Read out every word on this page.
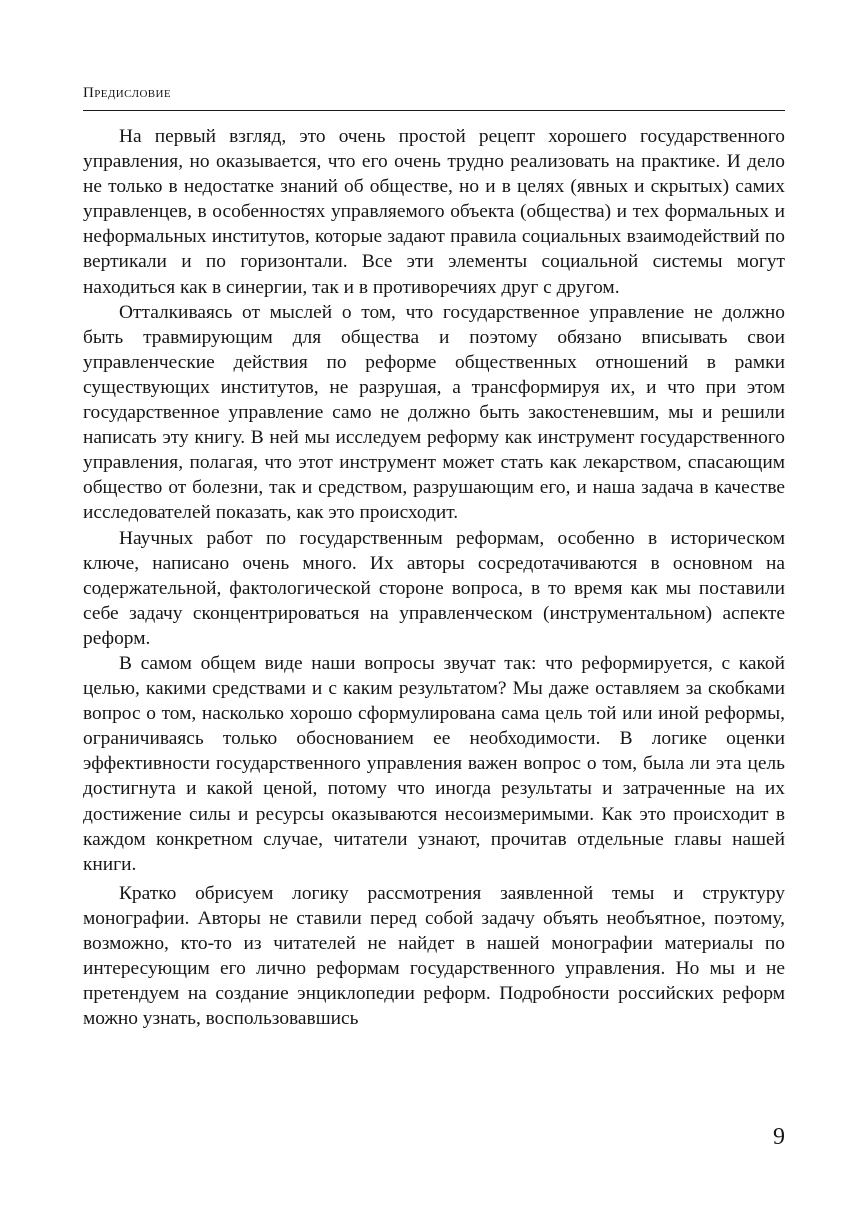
Предисловие

На первый взгляд, это очень простой рецепт хорошего государственного управления, но оказывается, что его очень трудно реализовать на практике. И дело не только в недостатке знаний об обществе, но и в целях (явных и скрытых) самих управленцев, в особенностях управляемого объекта (общества) и тех формальных и неформальных институтов, которые задают правила социальных взаимодействий по вертикали и по горизонтали. Все эти элементы социальной системы могут находиться как в синергии, так и в противоречиях друг с другом.

Отталкиваясь от мыслей о том, что государственное управление не должно быть травмирующим для общества и поэтому обязано вписывать свои управленческие действия по реформе общественных отношений в рамки существующих институтов, не разрушая, а трансформируя их, и что при этом государственное управление само не должно быть закостеневшим, мы и решили написать эту книгу. В ней мы исследуем реформу как инструмент государственного управления, полагая, что этот инструмент может стать как лекарством, спасающим общество от болезни, так и средством, разрушающим его, и наша задача в качестве исследователей показать, как это происходит.

Научных работ по государственным реформам, особенно в историческом ключе, написано очень много. Их авторы сосредотачиваются в основном на содержательной, фактологической стороне вопроса, в то время как мы поставили себе задачу сконцентрироваться на управленческом (инструментальном) аспекте реформ.

В самом общем виде наши вопросы звучат так: что реформируется, с какой целью, какими средствами и с каким результатом? Мы даже оставляем за скобками вопрос о том, насколько хорошо сформулирована сама цель той или иной реформы, ограничиваясь только обоснованием ее необходимости. В логике оценки эффективности государственного управления важен вопрос о том, была ли эта цель достигнута и какой ценой, потому что иногда результаты и затраченные на их достижение силы и ресурсы оказываются несоизмеримыми. Как это происходит в каждом конкретном случае, читатели узнают, прочитав отдельные главы нашей книги.

Кратко обрисуем логику рассмотрения заявленной темы и структуру монографии. Авторы не ставили перед собой задачу объять необъятное, поэтому, возможно, кто-то из читателей не найдет в нашей монографии материалы по интересующим его лично реформам государственного управления. Но мы и не претендуем на создание энциклопедии реформ. Подробности российских реформ можно узнать, воспользовавшись

9
